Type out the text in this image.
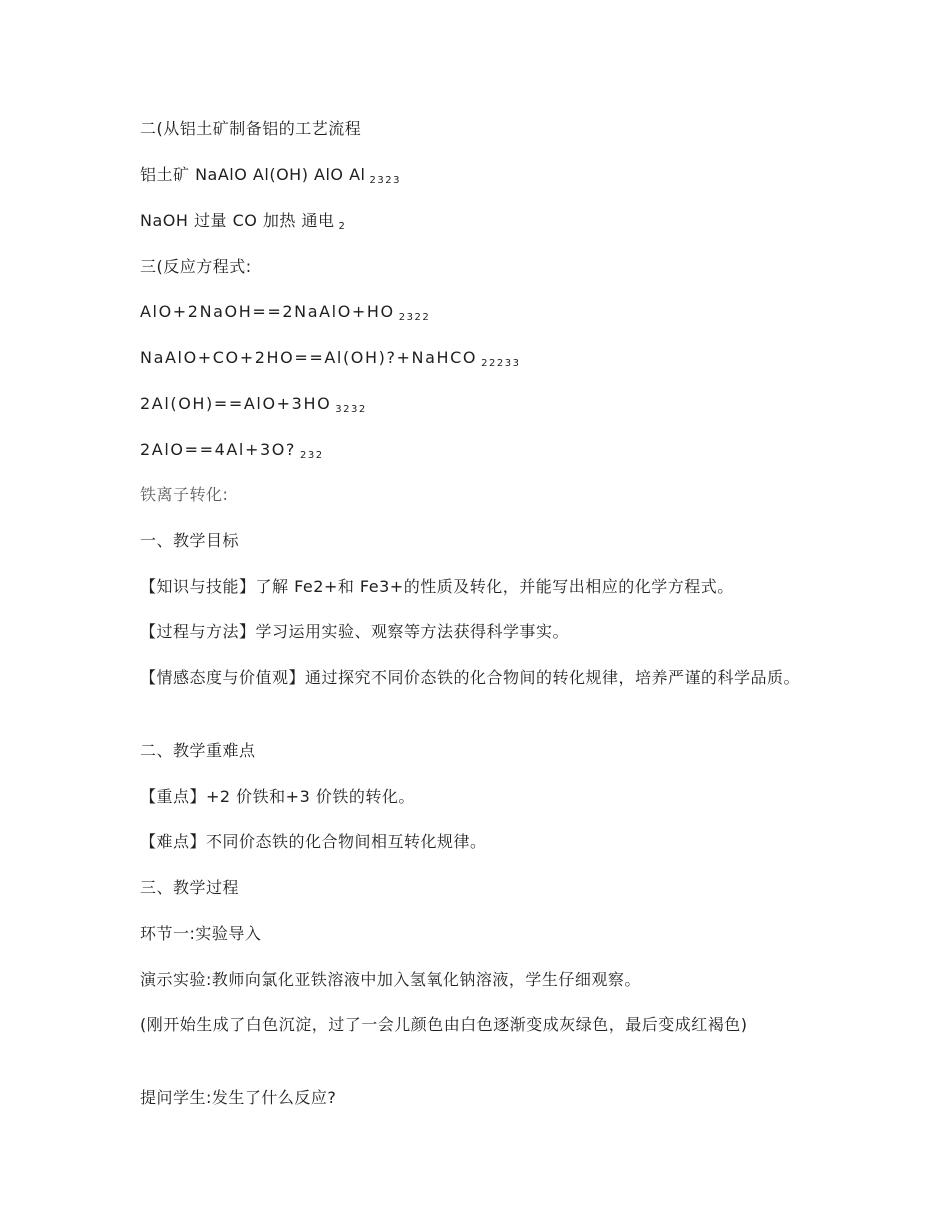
二(从铝土矿制备铝的工艺流程
铝土矿 NaAlO Al(OH) AlO Al 2323
NaOH 过量 CO 加热 通电 2
三(反应方程式:
AlO+2NaOH==2NaAlO+HO 2322
NaAlO+CO+2HO==Al(OH)?+NaHCO 22233
2Al(OH)==AlO+3HO 3232
2AlO==4Al+3O? 232
铁离子转化:
一、教学目标
【知识与技能】了解 Fe2+和 Fe3+的性质及转化，并能写出相应的化学方程式。
【过程与方法】学习运用实验、观察等方法获得科学事实。
【情感态度与价值观】通过探究不同价态铁的化合物间的转化规律，培养严谨的科学品质。
二、教学重难点
【重点】+2 价铁和+3 价铁的转化。
【难点】不同价态铁的化合物间相互转化规律。
三、教学过程
环节一:实验导入
演示实验:教师向氯化亚铁溶液中加入氢氧化钠溶液，学生仔细观察。
(刚开始生成了白色沉淀，过了一会儿颜色由白色逐渐变成灰绿色，最后变成红褐色)
提问学生:发生了什么反应?
